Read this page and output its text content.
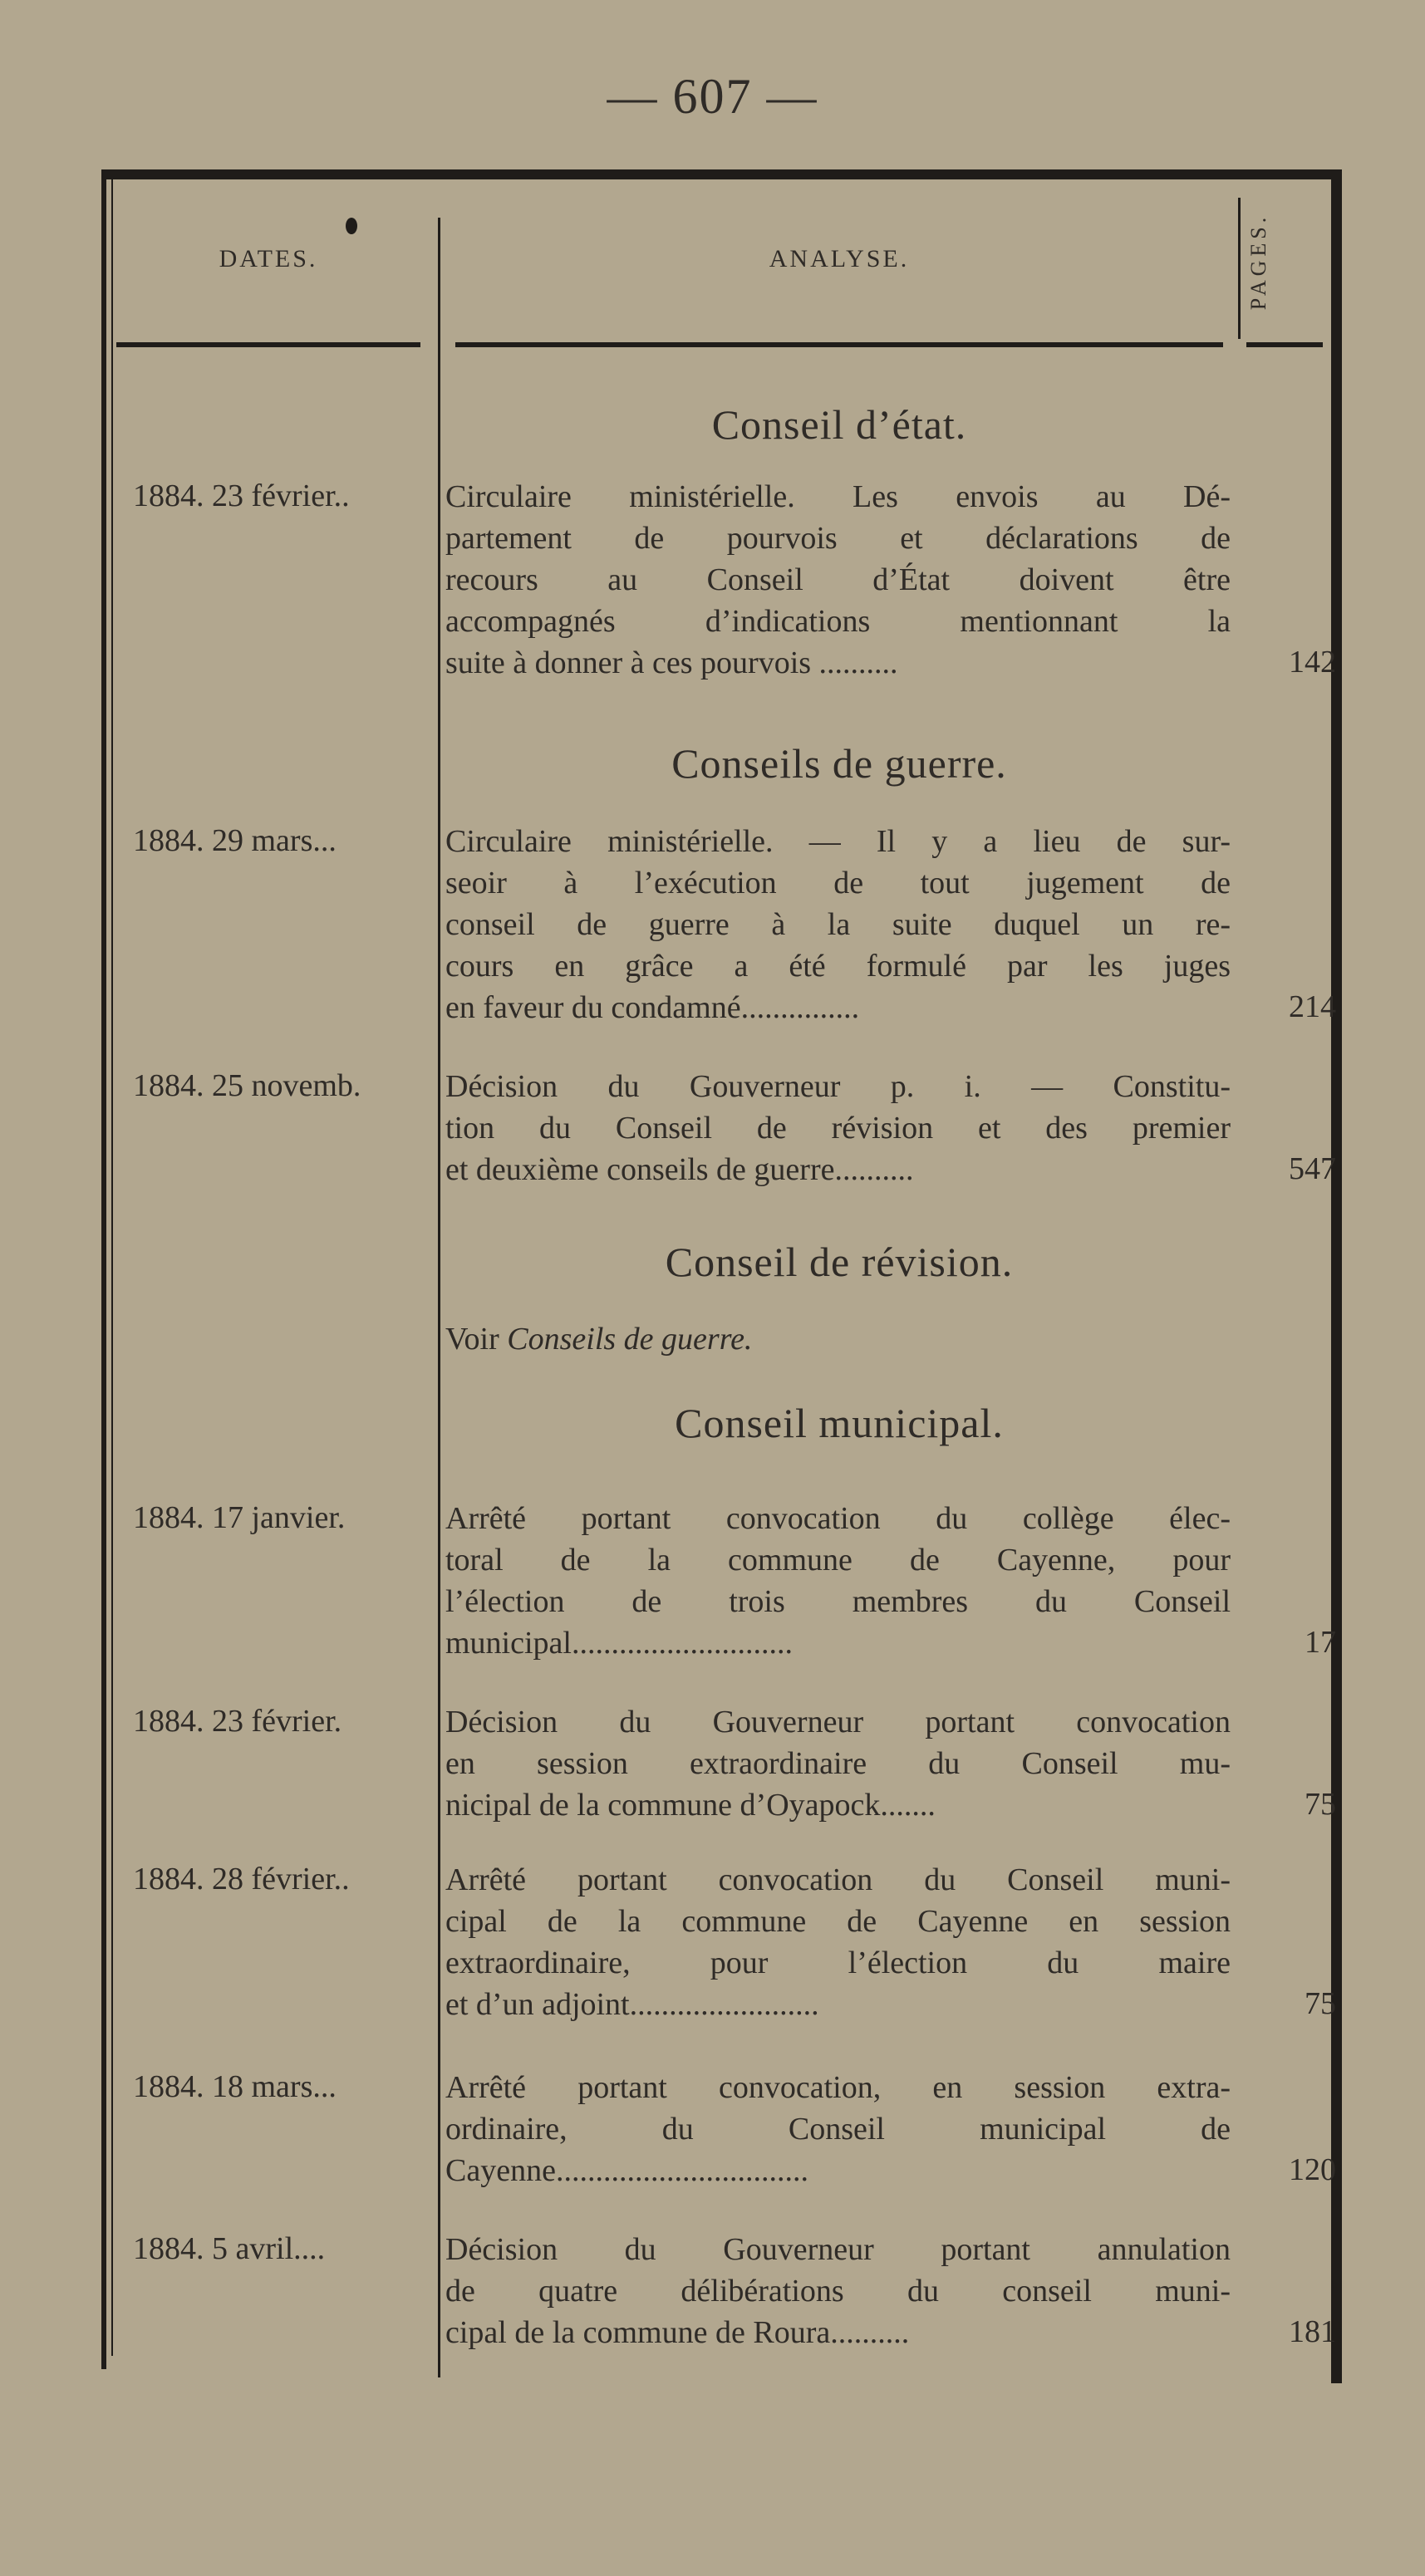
— 607 —
DATES.	ANALYSE.	PAGES.
Conseil d’état.
1884. 23 février..	Circulaire ministérielle. Les envois au Dé-
partement de pourvois et déclarations de
recours au Conseil d’État doivent être
accompagnés d’indications mentionnant la
suite à donner à ces pourvois ..........	142
Conseils de guerre.
1884. 29 mars...	Circulaire ministérielle. — Il y a lieu de sur-
seoir à l’exécution de tout jugement de
conseil de guerre à la suite duquel un re-
cours en grâce a été formulé par les juges
en faveur du condamné...............	214
1884. 25 novemb.	Décision du Gouverneur p. i. — Constitu-
tion du Conseil de révision et des premier
et deuxième conseils de guerre..........	547
Conseil de révision.
Voir Conseils de guerre.
Conseil municipal.
1884. 17 janvier.	Arrêté portant convocation du collège élec-
toral de la commune de Cayenne, pour
l’élection de trois membres du Conseil
municipal............................	17
1884. 23 février.	Décision du Gouverneur portant convocation
en session extraordinaire du Conseil mu-
nicipal de la commune d’Oyapock.......	75
1884. 28 février..	Arrêté portant convocation du Conseil muni-
cipal de la commune de Cayenne en session
extraordinaire, pour l’élection du maire
et d’un adjoint........................	75
1884. 18 mars...	Arrêté portant convocation, en session extra-
ordinaire, du Conseil municipal de
Cayenne................................	120
1884. 5 avril....	Décision du Gouverneur portant annulation
de quatre délibérations du conseil muni-
cipal de la commune de Roura..........	181
